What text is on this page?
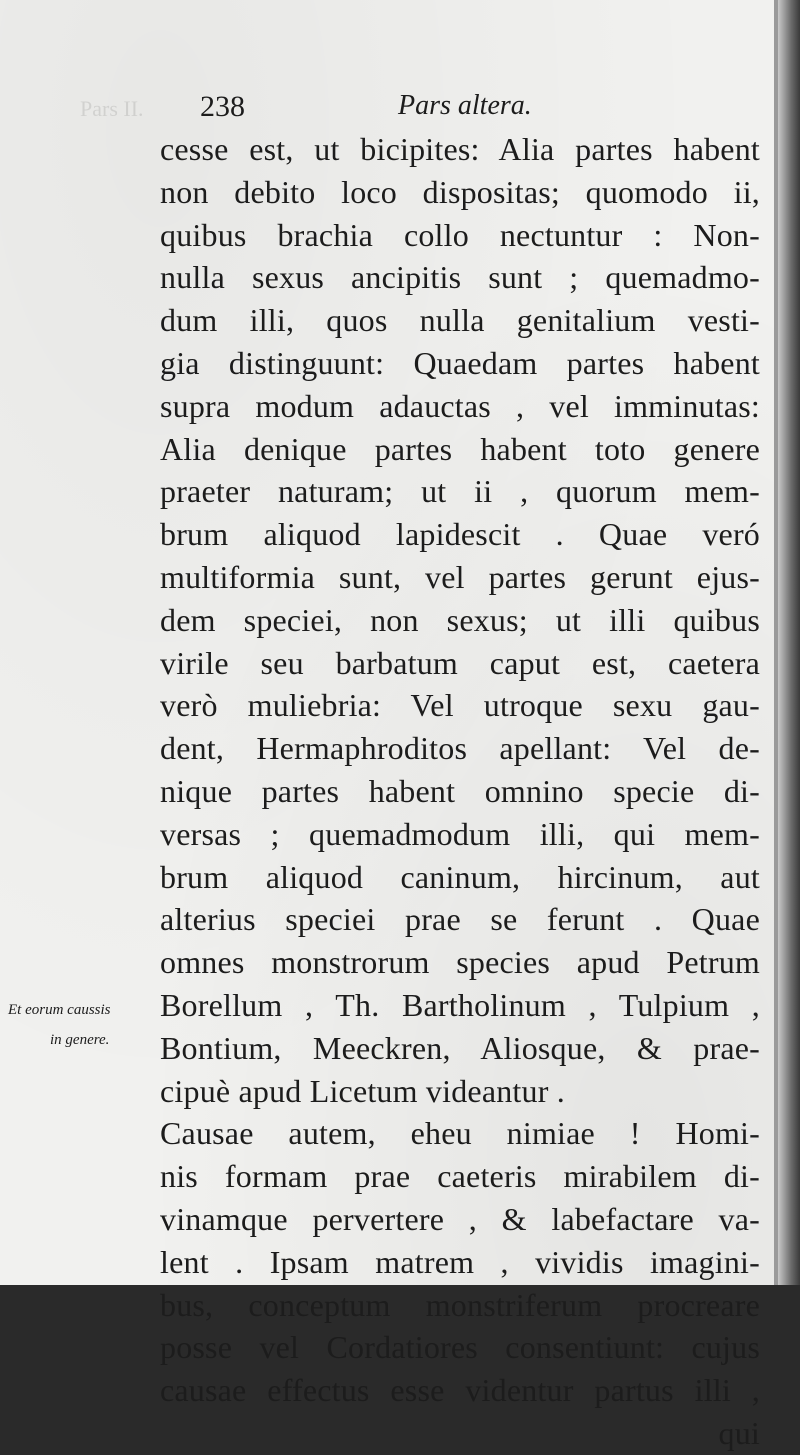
Pars II. 238	Pars altera.
Et eorum caussis
in genere.
cesse est, ut bicipites: Alia partes habent
non debito loco dispositas; quomodo ii,
quibus brachia collo nectuntur : Non-
nulla sexus ancipitis sunt ; quemadmo-
dum illi, quos nulla genitalium vesti-
gia distinguunt: Quaedam partes habent
supra modum adauctas , vel imminutas:
Alia denique partes habent toto genere
praeter naturam; ut ii , quorum mem-
brum aliquod lapidescit . Quae veró
multiformia sunt, vel partes gerunt ejus-
dem speciei, non sexus; ut illi quibus
virile seu barbatum caput est, caetera
verò muliebria: Vel utroque sexu gau-
dent, Hermaphroditos apellant: Vel de-
nique partes habent omnino specie di-
versas ; quemadmodum illi, qui mem-
brum aliquod caninum, hircinum, aut
alterius speciei prae se ferunt . Quae
omnes monstrorum species apud Petrum
Borellum , Th. Bartholinum , Tulpium ,
Bontium, Meeckren, Aliosque, & prae-
cipuè apud Licetum videantur .
Causae autem, eheu nimiae ! Homi-
nis formam prae caeteris mirabilem di-
vinamque pervertere , & labefactare va-
lent . Ipsam matrem , vividis imagini-
bus, conceptum monstriferum procreare
posse vel Cordatiores consentiunt: cujus
causae effectus esse videntur partus illi ,
qui
